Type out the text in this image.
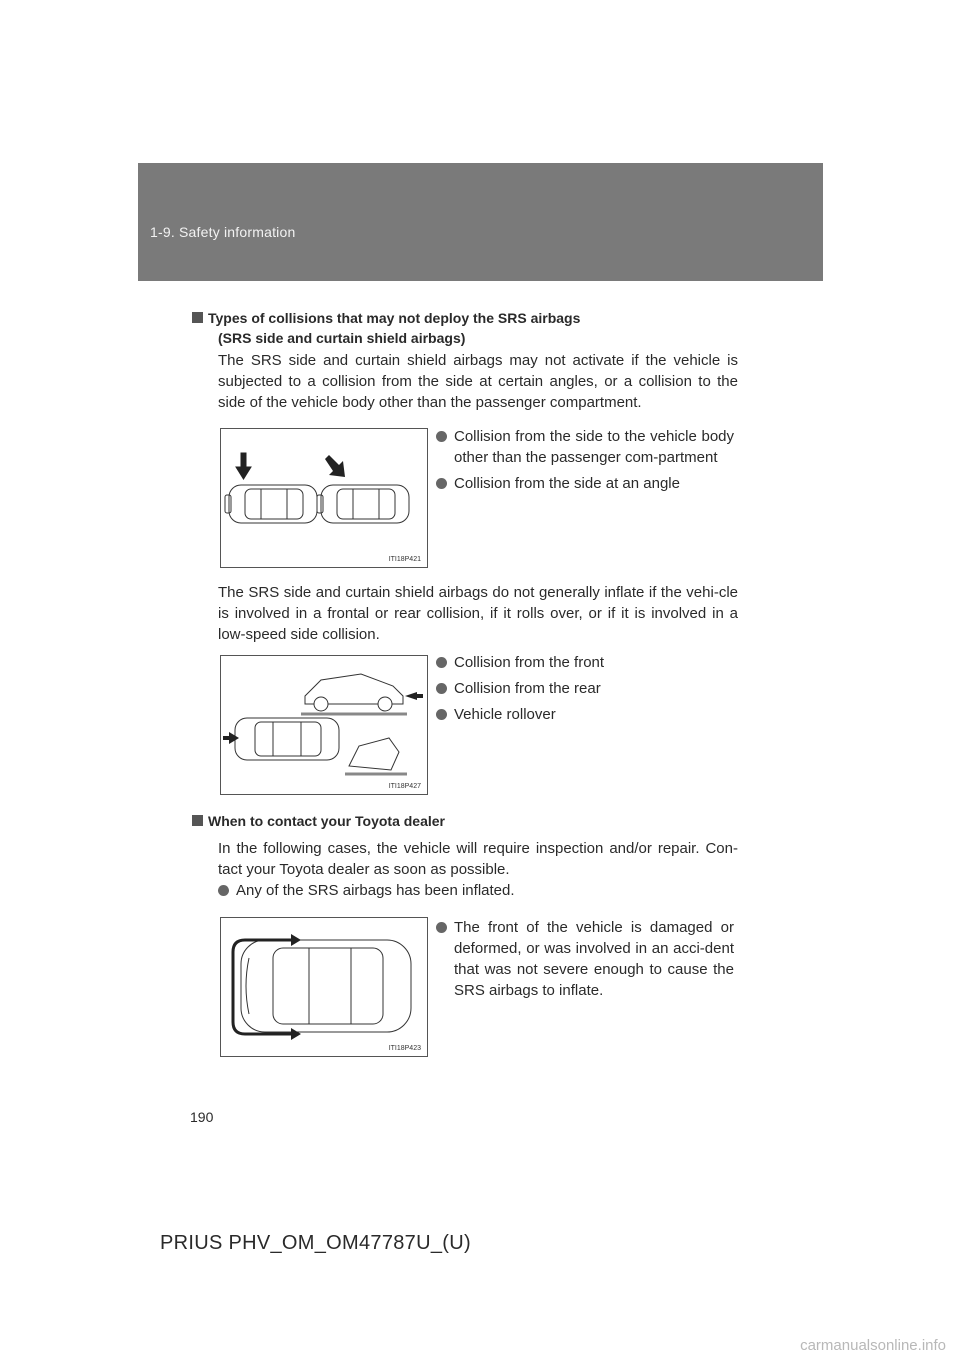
1-9. Safety information
Types of collisions that may not deploy the SRS airbags
(SRS side and curtain shield airbags)
The SRS side and curtain shield airbags may not activate if the vehicle is subjected to a collision from the side at certain angles, or a collision to the side of the vehicle body other than the passenger compartment.
ITI18P421
Collision from the side to the vehicle body other than the passenger com-partment
Collision from the side at an angle
The SRS side and curtain shield airbags do not generally inflate if the vehi-cle is involved in a frontal or rear collision, if it rolls over, or if it is involved in a low-speed side collision.
ITI18P427
Collision from the front
Collision from the rear
Vehicle rollover
When to contact your Toyota dealer
In the following cases, the vehicle will require inspection and/or repair. Con-tact your Toyota dealer as soon as possible.
Any of the SRS airbags has been inflated.
ITI18P423
The front of the vehicle is damaged or deformed, or was involved in an acci-dent that was not severe enough to cause the SRS airbags to inflate.
190
PRIUS PHV_OM_OM47787U_(U)
carmanualsonline.info
